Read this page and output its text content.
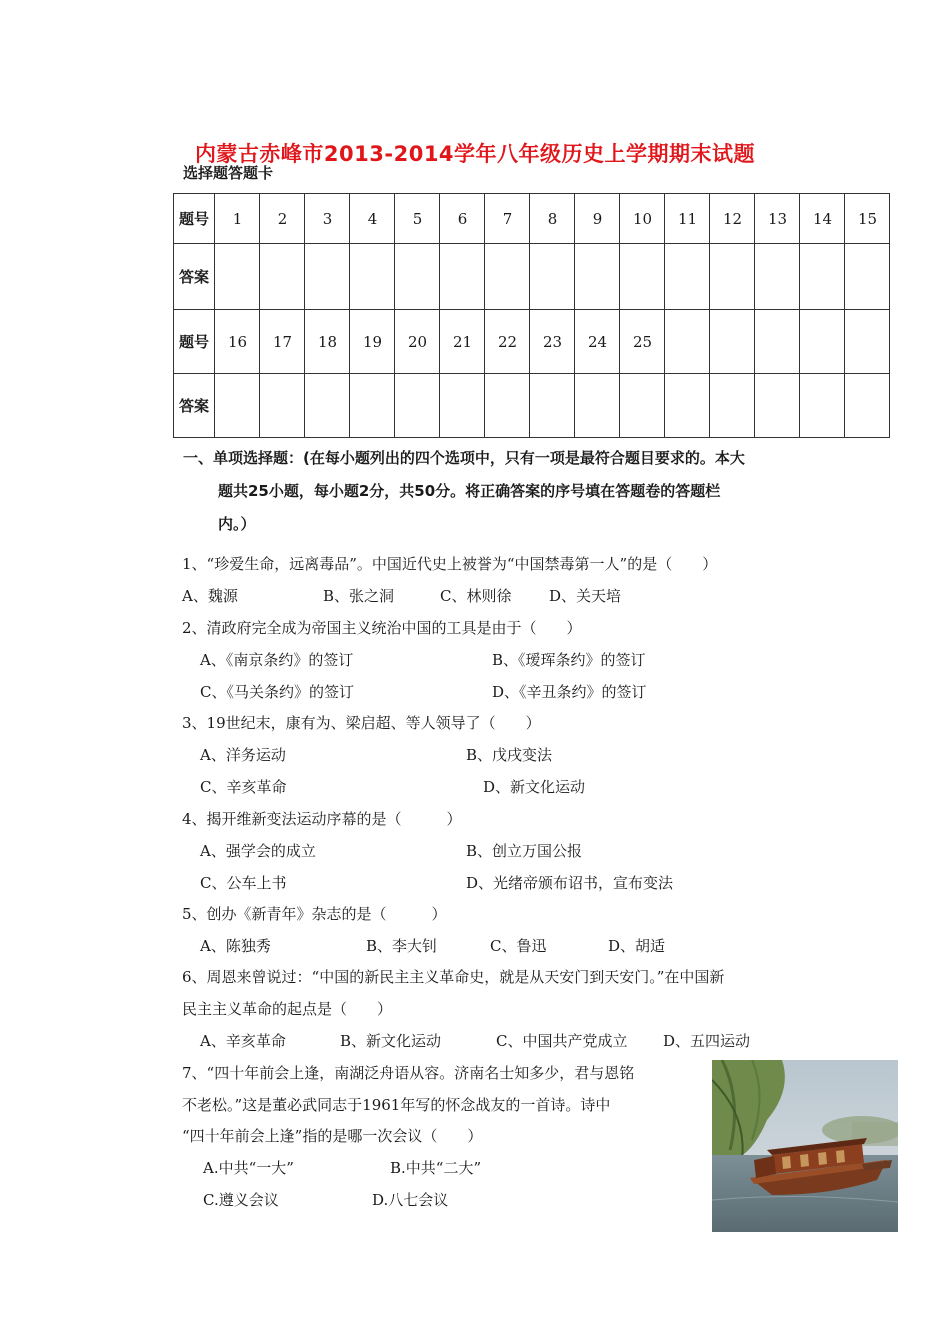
内蒙古赤峰市2013-2014学年八年级历史上学期期末试题
选择题答题卡
题号	1	2	3	4	5	6	7	8	9	10	11	12	13	14	15
答案															
题号	16	17	18	19	20	21	22	23	24	25					
答案															
一、单项选择题：(在每小题列出的四个选项中，只有一项是最符合题目要求的。本大
题共25小题，每小题2分，共50分。将正确答案的序号填在答题卷的答题栏
内。）
1、“珍爱生命，远离毒品”。中国近代史上被誉为“中国禁毒第一人”的是（　　）
A、魏源	B、张之洞	C、林则徐	D、关天培
2、清政府完全成为帝国主义统治中国的工具是由于（　　）
A、《南京条约》的签订	B、《瑷珲条约》的签订
C、《马关条约》的签订	D、《辛丑条约》的签订
3、19世纪末，康有为、梁启超、等人领导了（　　）
A、洋务运动	B、戊戌变法
C、辛亥革命	D、新文化运动
4、揭开维新变法运动序幕的是（　　　）
A、强学会的成立	B、创立万国公报
C、公车上书	D、光绪帝颁布诏书，宣布变法
5、创办《新青年》杂志的是（　　　）
A、陈独秀	B、李大钊	C、鲁迅	D、胡适
6、周恩来曾说过：“中国的新民主主义革命史，就是从天安门到天安门。”在中国新
民主主义革命的起点是（　　）
A、辛亥革命	B、新文化运动	C、中国共产党成立 D、五四运动
7、“四十年前会上逢，南湖泛舟语从容。济南名士知多少，君与恩铭
不老松。”这是董必武同志于1961年写的怀念战友的一首诗。诗中
“四十年前会上逢”指的是哪一次会议（　　）
A.中共“一大”	B.中共“二大”
C.遵义会议	D.八七会议
